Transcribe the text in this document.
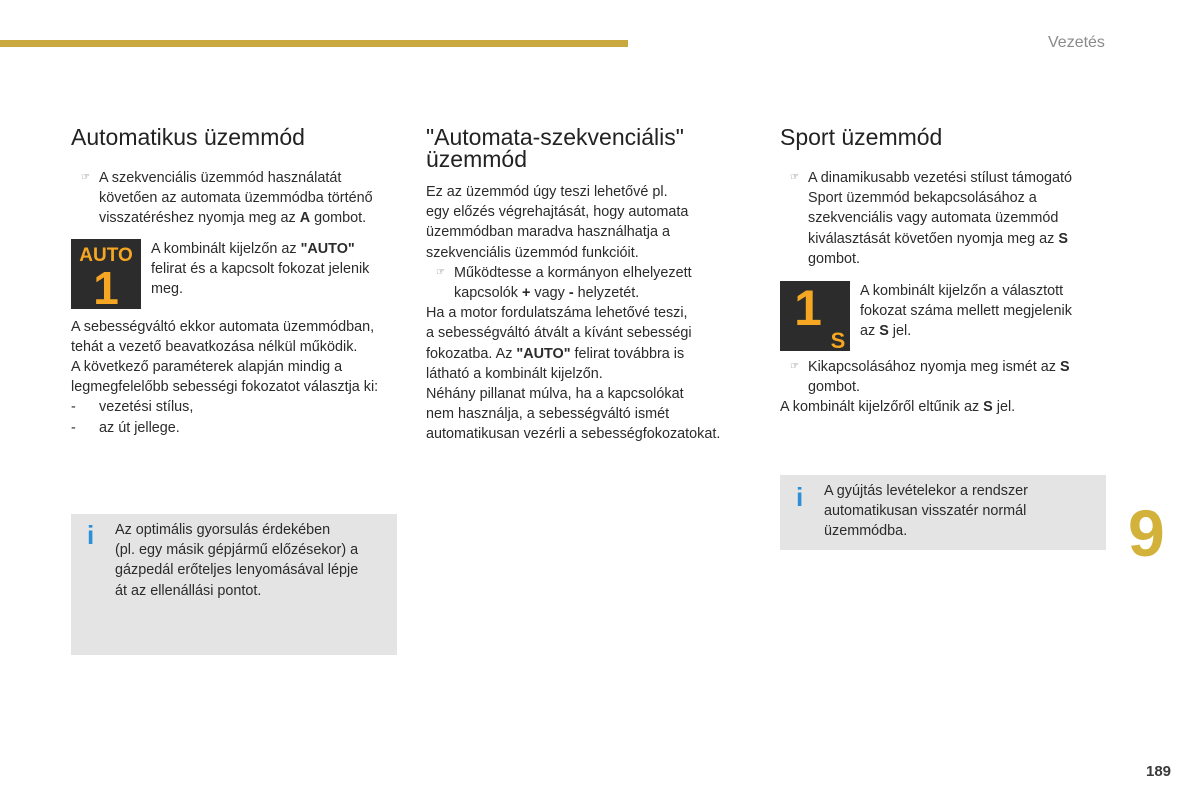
Vezetés
Automatikus üzemmód
☞ A szekvenciális üzemmód használatát

követően az automata üzemmódba történő

visszatéréshez nyomja meg az A gombot.

AUTO
1

A kombinált kijelzőn az "AUTO"

felirat és a kapcsolt fokozat jelenik

meg.

A sebességváltó ekkor automata üzemmódban,

tehát a vezető beavatkozása nélkül működik.

A következő paraméterek alapján mindig a

legmegfelelőbb sebességi fokozatot választja ki:

- vezetési stílus,
- az út jellege.
"Automata-szekvenciális"
üzemmód

Ez az üzemmód úgy teszi lehetővé pl.

egy előzés végrehajtását, hogy automata

üzemmódban maradva használhatja a

szekvenciális üzemmód funkcióit.

☞ Működtesse a kormányon elhelyezett

kapcsolók + vagy - helyzetét.

Ha a motor fordulatszáma lehetővé teszi,

a sebességváltó átvált a kívánt sebességi

fokozatba. Az "AUTO" felirat továbbra is

látható a kombinált kijelzőn.

Néhány pillanat múlva, ha a kapcsolókat

nem használja, a sebességváltó ismét

automatikusan vezérli a sebességfokozatokat.

Sport üzemmód
☞ A dinamikusabb vezetési stílust támogató

Sport üzemmód bekapcsolásához a

szekvenciális vagy automata üzemmód

kiválasztását követően nyomja meg az S

gombot.

1
S

A kombinált kijelzőn a választott

fokozat száma mellett megjelenik

az S jel.

☞ Kikapcsolásához nyomja meg ismét az S

gombot.

A kombinált kijelzőről eltűnik az S jel.

i Az optimális gyorsulás érdekében

(pl. egy másik gépjármű előzésekor) a

gázpedál erőteljes lenyomásával lépje

át az ellenállási pontot.

i A gyújtás levételekor a rendszer

automatikusan visszatér normál

üzemmódba.	9
189
